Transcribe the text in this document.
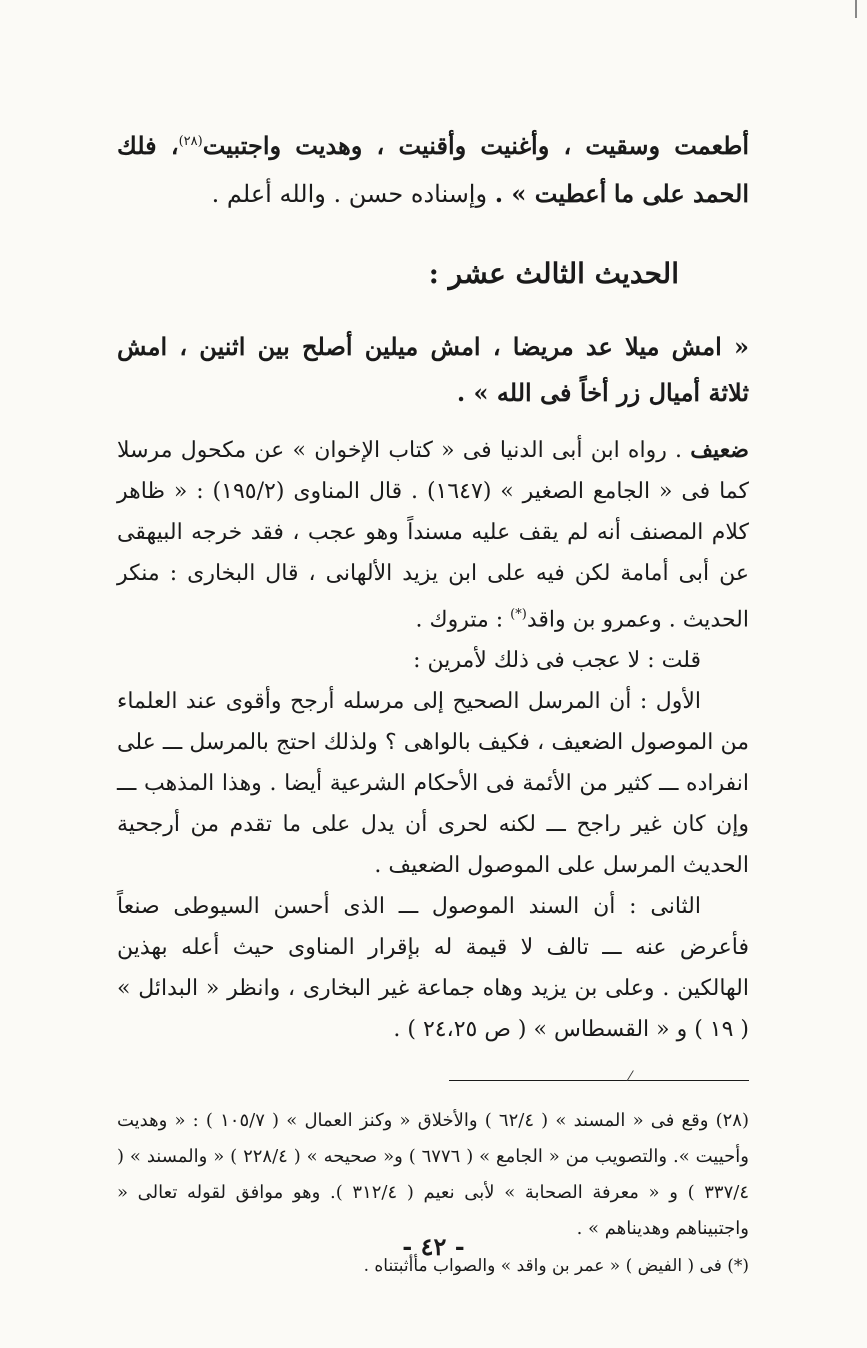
أطعمت وسقيت ، وأغنيت وأقنيت ، وهديت واجتبيت$^{(٢٨)}$، فلك الحمد على ما أعطيت » . وإسناده حسن . والله أعلم .

الحديث الثالث عشر :

« امش ميلا عد مريضا ، امش ميلين أصلح بين اثنين ، امش ثلاثة أميال زر أخاً فى الله » .

ضعيف . رواه ابن أبى الدنيا فى « كتاب الإخوان » عن مكحول مرسلا كما فى « الجامع الصغير » (١٦٤٧) . قال المناوى (١٩٥/٢) : « ظاهر كلام المصنف أنه لم يقف عليه مسنداً وهو عجب ، فقد خرجه البيهقى عن أبى أمامة لكن فيه على ابن يزيد الألهانى ، قال البخارى : منكر الحديث . وعمرو بن واقد(*) : متروك .

قلت : لا عجب فى ذلك لأمرين :

الأول : أن المرسل الصحيح إلى مرسله أرجح وأقوى عند العلماء من الموصول الضعيف ، فكيف بالواهى ؟ ولذلك احتج بالمرسل ـــ على انفراده ـــ كثير من الأئمة فى الأحكام الشرعية أيضا . وهذا المذهب ـــ وإن كان غير راجح ـــ لكنه لحرى أن يدل على ما تقدم من أرجحية الحديث المرسل على الموصول الضعيف .

الثانى : أن السند الموصول ـــ الذى أحسن السيوطى صنعاً فأعرض عنه ـــ تالف لا قيمة له بإقرار المناوى حيث أعله بهذين الهالكين . وعلى بن يزيد وهاه جماعة غير البخارى ، وانظر « البدائل » ( ١٩ ) و « القسطاس » ( ص ٢٤،٢٥ ) .

⁄

(٢٨) وقع فى « المسند » ( ٦٢/٤ ) والأخلاق « وكنز العمال » ( ١٠٥/٧ ) : « وهديت وأحييت ». والتصويب من « الجامع » ( ٦٧٧٦ ) و« صحيحه » ( ٢٢٨/٤ ) « والمسند » ( ٣٣٧/٤ ) و « معرفة الصحابة » لأبى نعيم ( ٣١٢/٤ ). وهو موافق لقوله تعالى « واجتبيناهم وهديناهم » .

(*) فى ( الفيض ) « عمر بن واقد » والصواب مأأثبتناه .

- ٤٢ -
